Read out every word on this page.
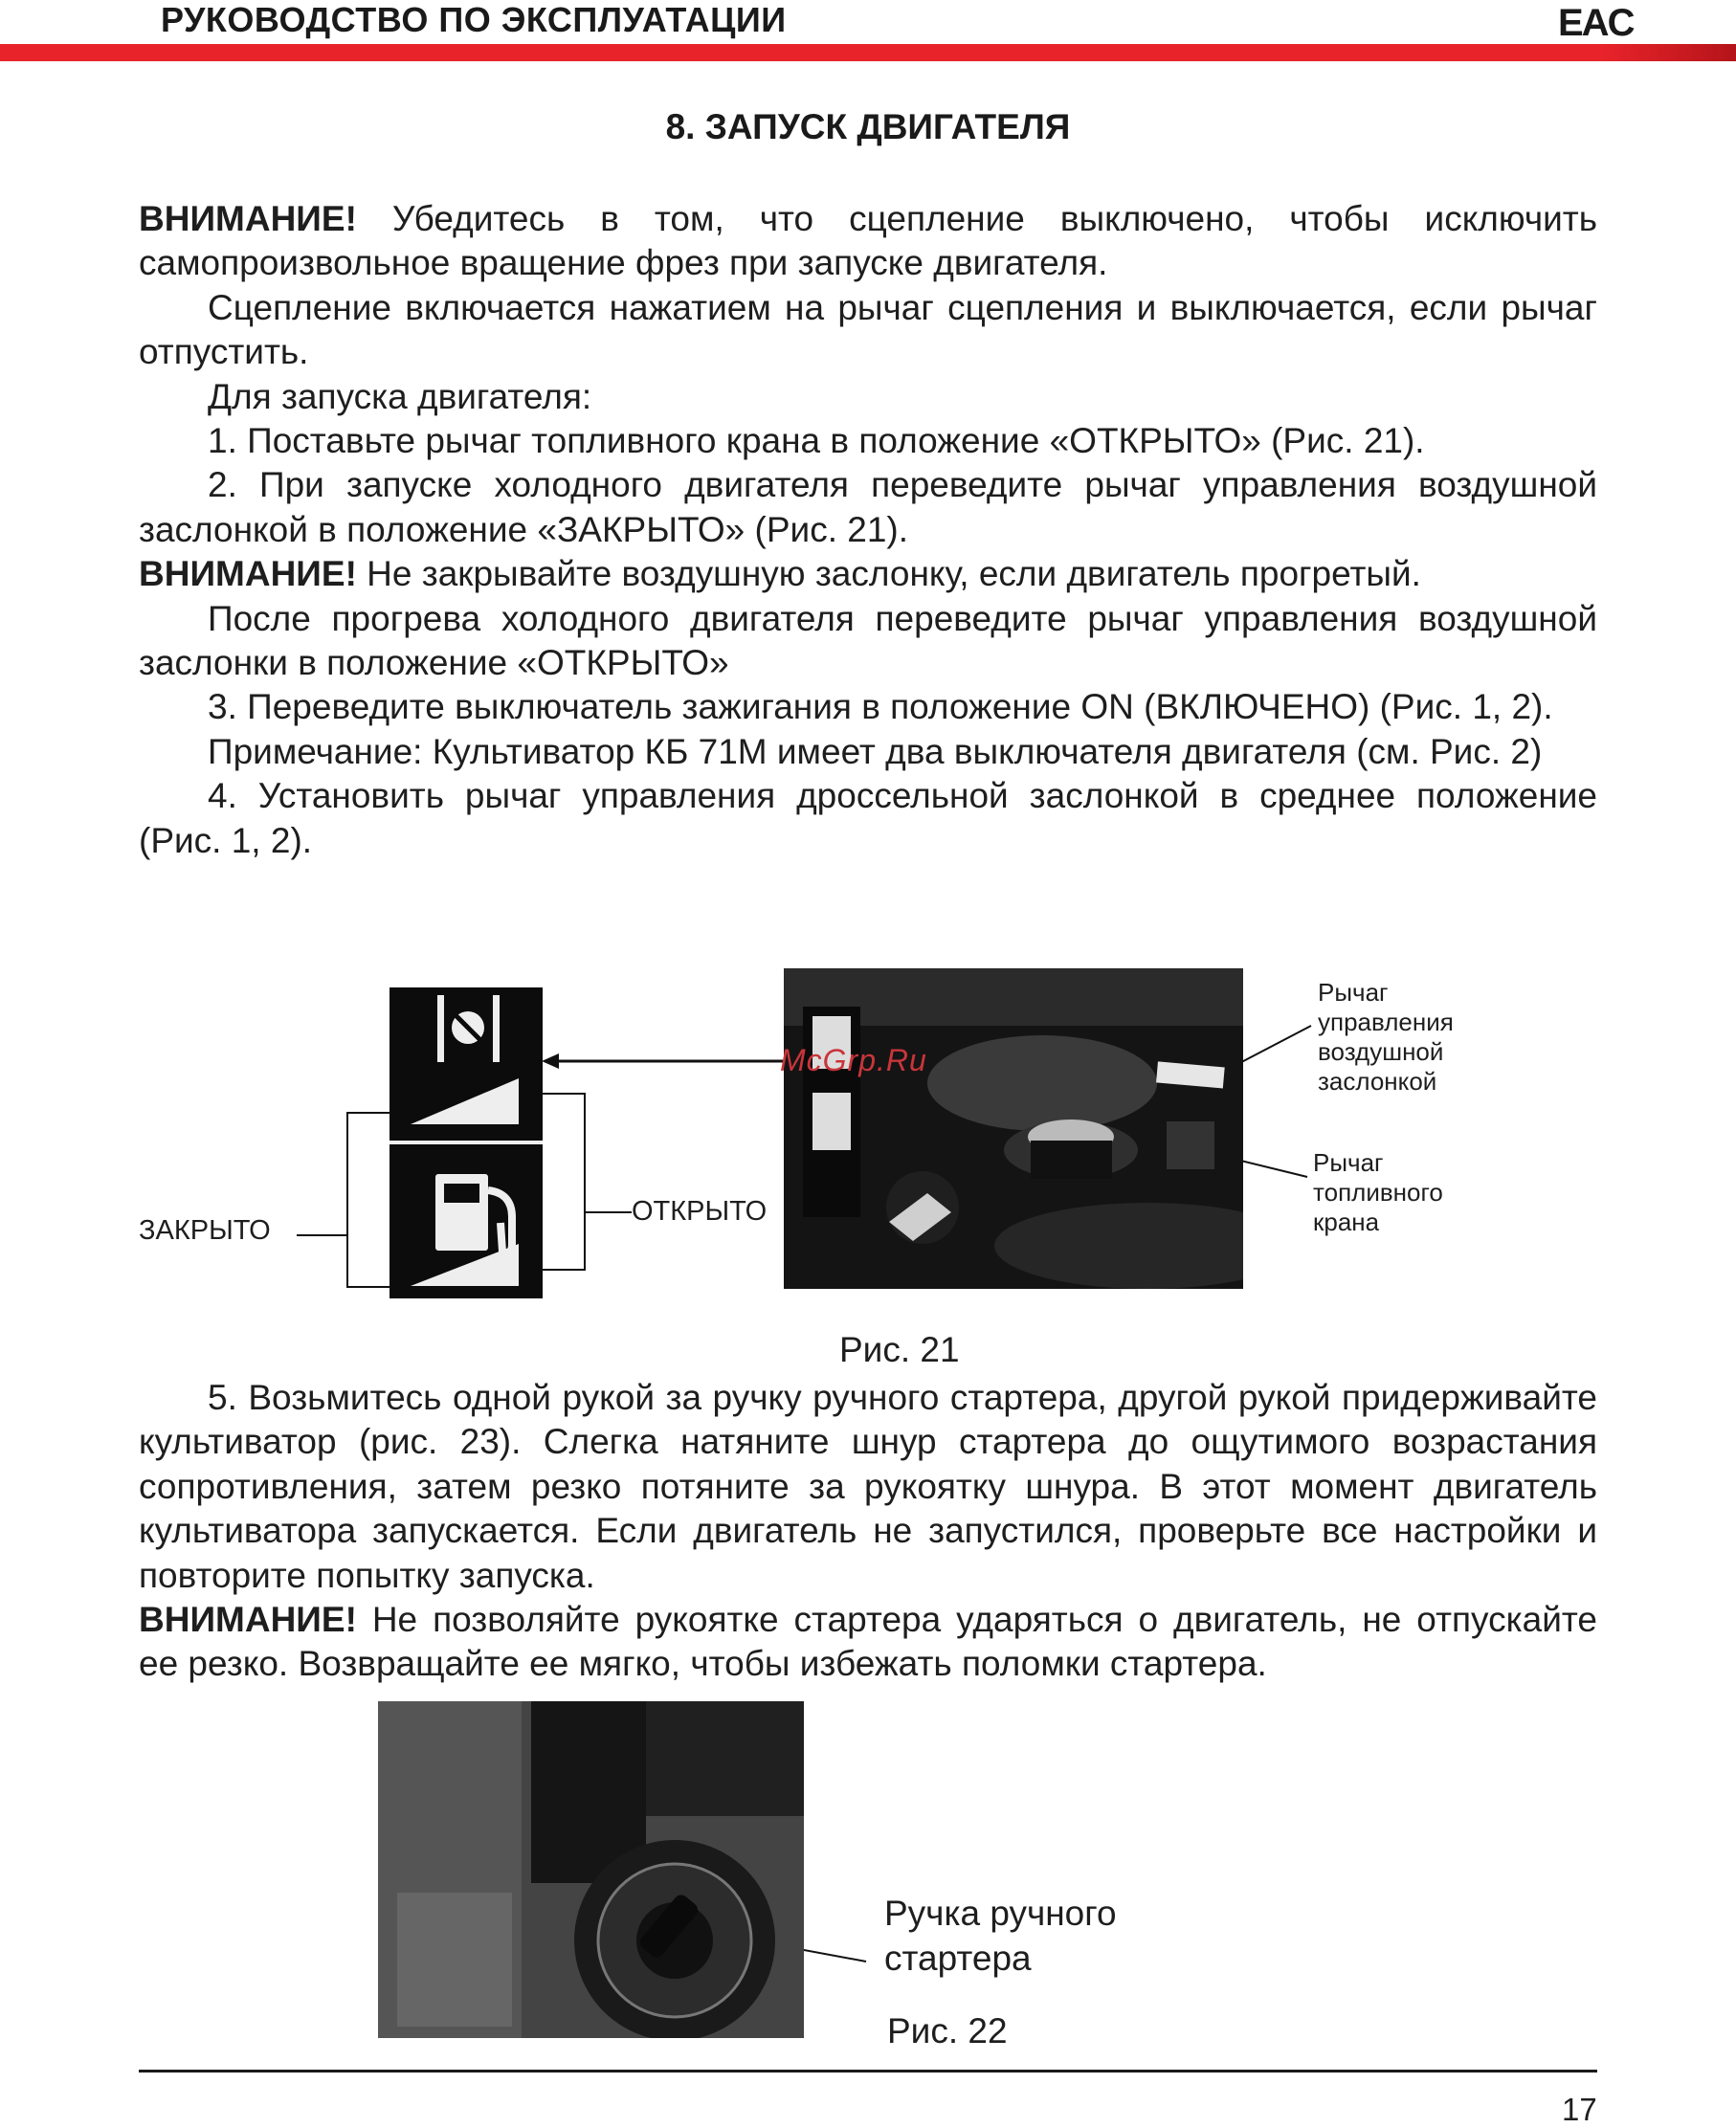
РУКОВОДСТВО ПО ЭКСПЛУАТАЦИИ	EAC
8. ЗАПУСК ДВИГАТЕЛЯ

ВНИМАНИЕ! Убедитесь в том, что сцепление выключено, чтобы исключить самопроизвольное вращение фрез при запуске двигателя.

Сцепление включается нажатием на рычаг сцепления и выключается, если рычаг отпустить.

Для запуска двигателя:

1. Поставьте рычаг топливного крана в положение «ОТКРЫТО» (Рис. 21).

2. При запуске холодного двигателя переведите рычаг управления воздушной заслонкой в положение «ЗАКРЫТО» (Рис. 21).

ВНИМАНИЕ! Не закрывайте воздушную заслонку, если двигатель прогретый.

После прогрева холодного двигателя переведите рычаг управления воздушной заслонки в положение «ОТКРЫТО»

3. Переведите выключатель зажигания в положение ON (ВКЛЮЧЕНО) (Рис. 1, 2).

Примечание: Культиватор КБ 71М имеет два выключателя двигателя (см. Рис. 2)

4. Установить рычаг управления дроссельной заслонкой в среднее положение (Рис. 1, 2).

ЗАКРЫТО
ОТКРЫТО
McGrp.Ru
Рычаг управления воздушной заслонкой
Рычаг топливного крана
Рис. 21

5. Возьмитесь одной рукой за ручку ручного стартера, другой рукой придерживайте культиватор (рис. 23). Слегка натяните шнур стартера до ощутимого возрастания сопротивления, затем резко потяните за рукоятку шнура. В этот момент двигатель культиватора запускается. Если двигатель не запустился, проверьте все настройки и повторите попытку запуска.

ВНИМАНИЕ! Не позволяйте рукоятке стартера ударяться о двигатель, не отпускайте ее резко. Возвращайте ее мягко, чтобы избежать поломки стартера.

Ручка ручного стартера
Рис. 22
17
